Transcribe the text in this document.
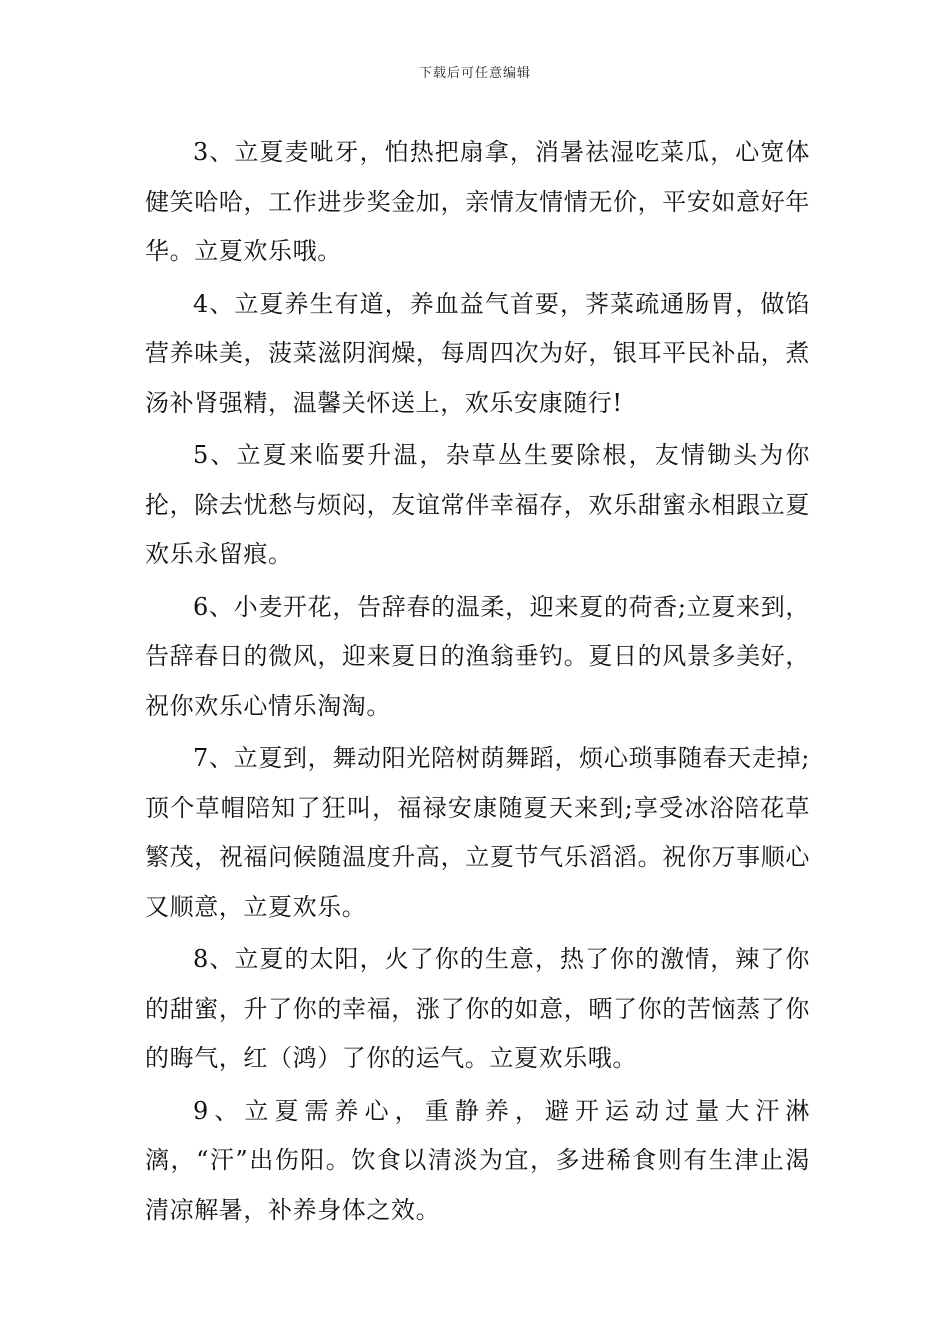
下载后可任意编辑

3、立夏麦呲牙，怕热把扇拿，消暑祛湿吃菜瓜，心宽体健笑哈哈，工作进步奖金加，亲情友情情无价，平安如意好年华。立夏欢乐哦。

4、立夏养生有道，养血益气首要，荠菜疏通肠胃，做馅营养味美，菠菜滋阴润燥，每周四次为好，银耳平民补品，煮汤补肾强精，温馨关怀送上，欢乐安康随行!

5、立夏来临要升温，杂草丛生要除根，友情锄头为你抡，除去忧愁与烦闷，友谊常伴幸福存，欢乐甜蜜永相跟立夏欢乐永留痕。

6、小麦开花，告辞春的温柔，迎来夏的荷香;立夏来到，告辞春日的微风，迎来夏日的渔翁垂钓。夏日的风景多美好，祝你欢乐心情乐淘淘。

7、立夏到，舞动阳光陪树荫舞蹈，烦心琐事随春天走掉;顶个草帽陪知了狂叫，福禄安康随夏天来到;享受冰浴陪花草繁茂，祝福问候随温度升高，立夏节气乐滔滔。祝你万事顺心又顺意，立夏欢乐。

8、立夏的太阳，火了你的生意，热了你的激情，辣了你的甜蜜，升了你的幸福，涨了你的如意，晒了你的苦恼蒸了你的晦气，红（鸿）了你的运气。立夏欢乐哦。

9、立夏需养心，重静养，避开运动过量大汗淋漓，“汗”出伤阳。饮食以清淡为宜，多进稀食则有生津止渴清凉解暑，补养身体之效。
